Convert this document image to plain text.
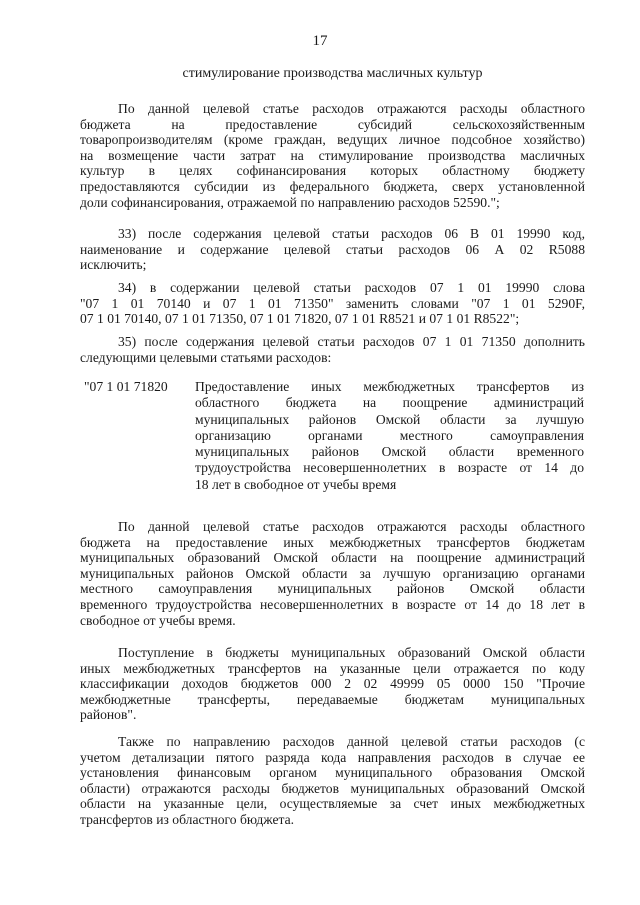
17
стимулирование производства масличных культур
По данной целевой статье расходов отражаются расходы областного
бюджета на предоставление субсидий сельскохозяйственным
товаропроизводителям (кроме граждан, ведущих личное подсобное хозяйство)
на возмещение части затрат на стимулирование производства масличных
культур в целях софинансирования которых областному бюджету
предоставляются субсидии из федерального бюджета, сверх установленной
доли софинансирования, отражаемой по направлению расходов 52590.";
33) после содержания целевой статьи расходов 06 В 01 19990 код,
наименование и содержание целевой статьи расходов 06 А 02 R5088
исключить;
34) в содержании целевой статьи расходов 07 1 01 19990 слова
"07 1 01 70140 и 07 1 01 71350" заменить словами "07 1 01 5290F,
07 1 01 70140, 07 1 01 71350, 07 1 01 71820, 07 1 01 R8521 и 07 1 01 R8522";
35) после содержания целевой статьи расходов 07 1 01 71350 дополнить
следующими целевыми статьями расходов:
"07 1 01 71820 Предоставление иных межбюджетных трансфертов из
областного бюджета на поощрение администраций
муниципальных районов Омской области за лучшую
организацию органами местного самоуправления
муниципальных районов Омской области временного
трудоустройства несовершеннолетних в возрасте от 14 до
18 лет в свободное от учебы время
По данной целевой статье расходов отражаются расходы областного
бюджета на предоставление иных межбюджетных трансфертов бюджетам
муниципальных образований Омской области на поощрение администраций
муниципальных районов Омской области за лучшую организацию органами
местного самоуправления муниципальных районов Омской области
временного трудоустройства несовершеннолетних в возрасте от 14 до 18 лет в
свободное от учебы время.
Поступление в бюджеты муниципальных образований Омской области
иных межбюджетных трансфертов на указанные цели отражается по коду
классификации доходов бюджетов 000 2 02 49999 05 0000 150 "Прочие
межбюджетные трансферты, передаваемые бюджетам муниципальных
районов".
Также по направлению расходов данной целевой статьи расходов (с
учетом детализации пятого разряда кода направления расходов в случае ее
установления финансовым органом муниципального образования Омской
области) отражаются расходы бюджетов муниципальных образований Омской
области на указанные цели, осуществляемые за счет иных межбюджетных
трансфертов из областного бюджета.
